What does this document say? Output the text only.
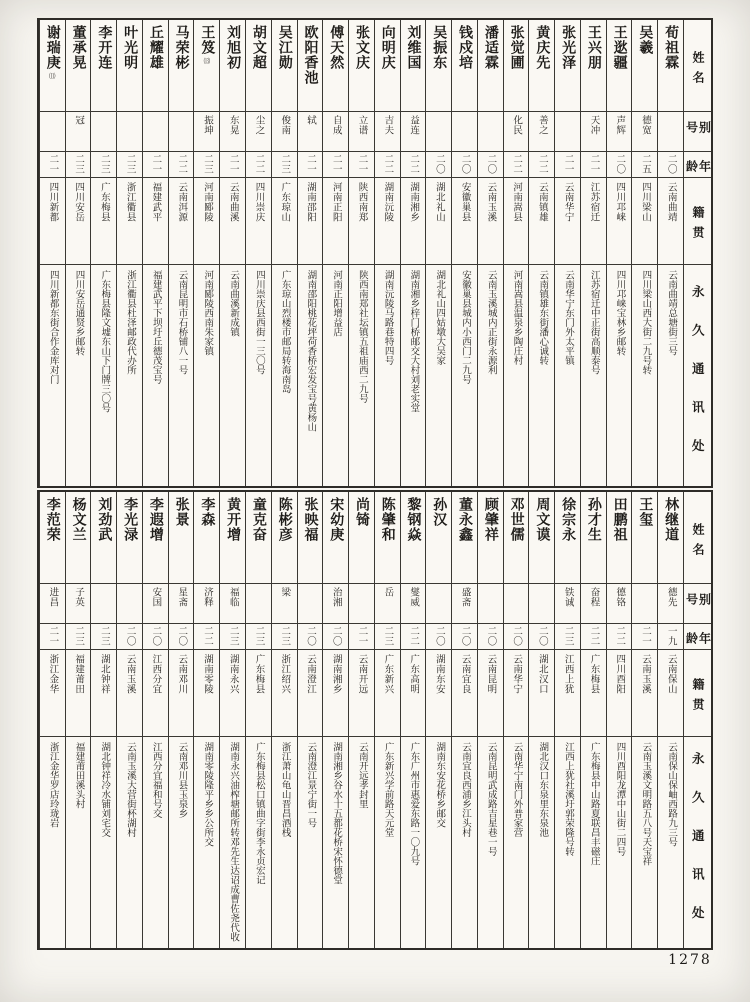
姓名
别号
年龄
籍贯
永久通讯处
荀祖霖
二〇
云南曲靖
云南曲靖总塘街三号
吴羲
德宽
二五
四川梁山
四川梁山西大街二九号转
王逖疆
声辉
二〇
四川邛崃
四川邛崃宝林乡邮转
王兴朋
天冲
二一
江苏宿迁
江苏宿迁中正街高顺泰号
张光泽
二一
云南华宁
云南华宁东门外太平镇
黄庆先
善之
二二
云南镇雄
云南镇雄东街潘心诚转
张觉圃
化民
二二
河南嵩县
河南嵩县温泉乡陶庄村
潘适霖
二〇
云南玉溪
云南玉溪城内正街永源利
钱戍培
二〇
安徽巢县
安徽巢县城内小西门二九号
吴振东
二〇
湖北礼山
湖北礼山四姑墩大吴家
刘维国
益连
二二
湖南湘乡
湖南湘乡梓门桥邮交大村刘老实堂
向明庆
吉夫
二二
湖南沅陵
湖南沅陵马路巷特四号
张文庆
立谱
二一
陕西南郑
陕西南郑社坛镇五祖庙西二九号
傅天然
自成
二一
河南正阳
河南正阳增益店
欧阳香池
轼
二一
湖南邵阳
湖南邵阳桃花坪荷香桥宏发宝号黄杨山
吴江勋
俊南
二三
广东琼山
广东琼山烈楼市邮局转海南岛
胡文超
尘之
二二
四川崇庆
四川崇庆县西街一三〇号
刘旭初
东晃
二一
云南曲溪
云南曲溪新成镇
王笈
⒀
振坤
二三
河南郾陵
河南郾陵西南朱家镇
马荣彬
二二
云南洱源
云南昆明市石桥铺八一号
丘耀雄
二一
福建武平
福建武平下坝圩丘德茂宝号
叶光明
二三
浙江衢县
浙江衢县杜泽邮政代办所
李开连
二三
广东梅县
广东梅县隆文墟东山下门牌三〇号
董承晃
冠
二三
四川安岳
四川安岳通贤乡邮转
谢瑞庚
⑾
二一
四川新都
四川新都东街合作金库对门
姓名
别号
年龄
籍贯
永久通讯处
林继道
德先
一九
云南保山
云南保山保岫西路九三号
王玺
二一
云南玉溪
云南玉溪文明路五八号天宝祥
田鹏祖
德铬
二二
四川酉阳
四川酉阳龙潭中山街二四号
孙才生
奋程
二二
广东梅县
广东梅县中山路夏联昌丰磁庄
徐宗永
铁诚
二三
江西上犹
江西上犹社溪圩郭荣隆号转
周文谟
二〇
湖北汉口
湖北汉口东泉里东泉池
邓世儒
二〇
云南华宁
云南华宁南门外普家营
顾肇祥
二〇
云南昆明
云南昆明武成路吉星巷一号
董永鑫
盛斋
二〇
云南宜良
云南宜良西浦乡江头村
孙汉
二〇
湖南东安
湖南东安花桥乡邮交
黎钢焱
燮威
二二
广东高明
广东广州市惠爱东路一〇九号
陈肇和
岳
二三
广东新兴
广东新兴学前路天元堂
尚锜
二一
云南开远
云南开远孝封里
宋幼庚
治湘
二〇
湖南湘乡
湖南湘乡谷水十五都花桥宋怀德堂
张映福
二〇
云南澄江
云南澄江景宁街一号
陈彬彦
梁
二三
浙江绍兴
浙江萧山龟山晋昌酒栈
童克奋
二三
广东梅县
广东梅县松口镇曲字街李永贞宏记
黄开增
福临
二三
湖南永兴
湖南永兴油榨塘邮所转邓先生达诏成曹佐尧代收
李森
济释
二二
湖南零陵
湖南零陵隆平乡乡公所交
张景
星斋
二〇
云南邓川
云南邓川县玉泉乡
李遐增
安国
二〇
江西分宜
江西分宜福和号交
李光渌
二〇
云南玉溪
云南玉溪大营街杯湖村
刘劲武
二三
湖北钟祥
湖北钟祥冷水铺刘宅交
杨文兰
子英
二三
福建莆田
福建莆田溪头村
李范荣
进昌
二一
浙江金华
浙江金华罗店玲珑岩
1278
